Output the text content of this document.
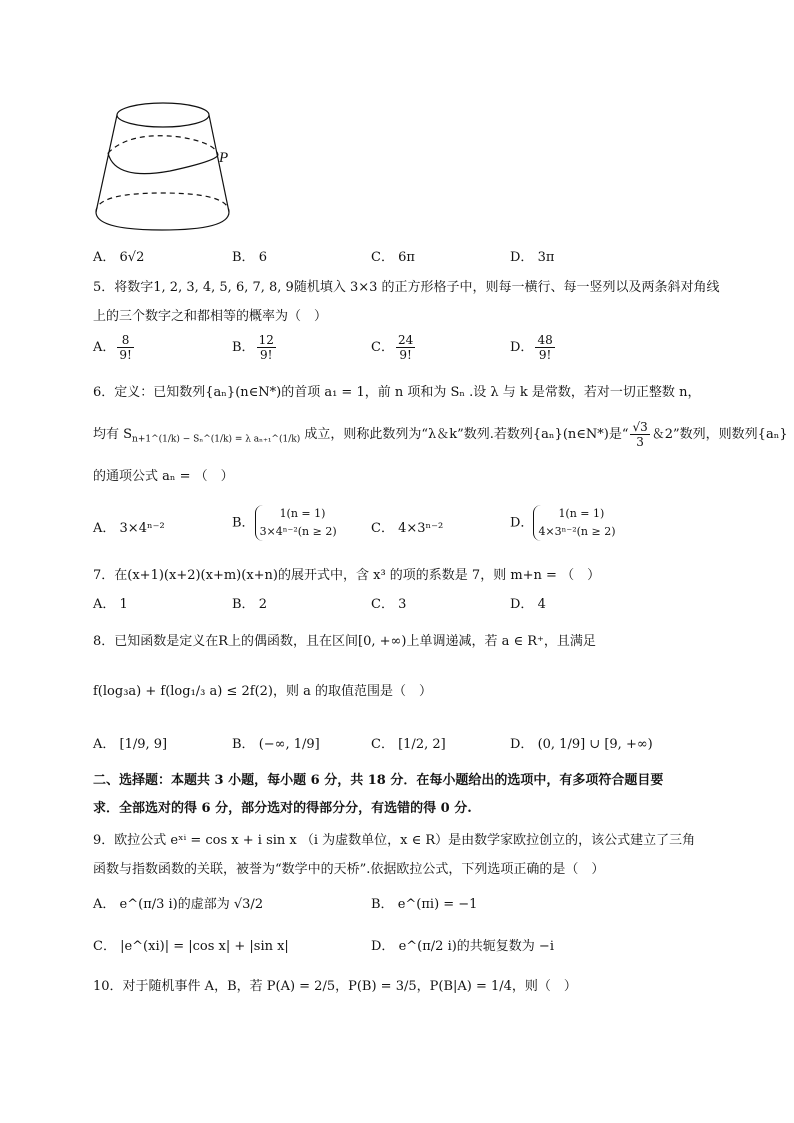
P
A． 6√2	B． 6	C． 6π	D． 3π
5．将数字1, 2, 3, 4, 5, 6, 7, 8, 9随机填入 3×3 的正方形格子中，则每一横行、每一竖列以及两条斜对角线
上的三个数字之和都相等的概率为（　）
A． $\frac{8}{9!}$	B． $\frac{12}{9!}$	C． $\frac{24}{9!}$	D． $\frac{48}{9!}$
6．定义：已知数列{aₙ}(n∈N*)的首项 a₁ = 1，前 n 项和为 Sₙ .设 λ 与 k 是常数，若对一切正整数 n，
均有 $S_{n+1\^{}(1/k) - S_n\^{}(1/k) = \lambda a_{n+1}\^{}(1/k)}$ 成立，则称此数列为“λ＆k”数列.若数列{aₙ}(n∈N*)是“ $\frac{√3}{3}$ ＆2”数列，则数列{aₙ}
的通项公式 aₙ = （　）
A． 3×4ⁿ⁻²	B．
1(n = 1)
3×4ⁿ⁻²(n ≥ 2)	C． 4×3ⁿ⁻²	D．
1(n = 1)
4×3ⁿ⁻²(n ≥ 2)
7．在(x+1)(x+2)(x+m)(x+n)的展开式中，含 x³ 的项的系数是 7，则 m+n = （　）
A． 1	B． 2	C． 3	D． 4
8．已知函数是定义在R上的偶函数，且在区间[0, +∞)上单调递减，若 a ∈ R⁺，且满足
f(log₃a) + f(log₁/₃ a) ≤ 2f(2)，则 a 的取值范围是（　）
A． [1/9, 9]	B． (−∞, 1/9]	C． [1/2, 2]	D． (0, 1/9] ∪ [9, +∞)
二、选择题：本题共 3 小题，每小题 6 分，共 18 分．在每小题给出的选项中，有多项符合题目要
求．全部选对的得 6 分，部分选对的得部分分，有选错的得 0 分.
9．欧拉公式 eˣⁱ = cos x + i sin x （i 为虚数单位，x ∈ R）是由数学家欧拉创立的，该公式建立了三角
函数与指数函数的关联，被誉为“数学中的天桥”.依据欧拉公式，下列选项正确的是（　）
A． e^(π/3 i)的虚部为 √3/2	B． e^(πi) = −1
C． |e^(xi)| = |cos x| + |sin x|	D． e^(π/2 i)的共轭复数为 −i
10．对于随机事件 A，B，若 P(A) = 2/5，P(B) = 3/5，P(B|A) = 1/4，则（　）
